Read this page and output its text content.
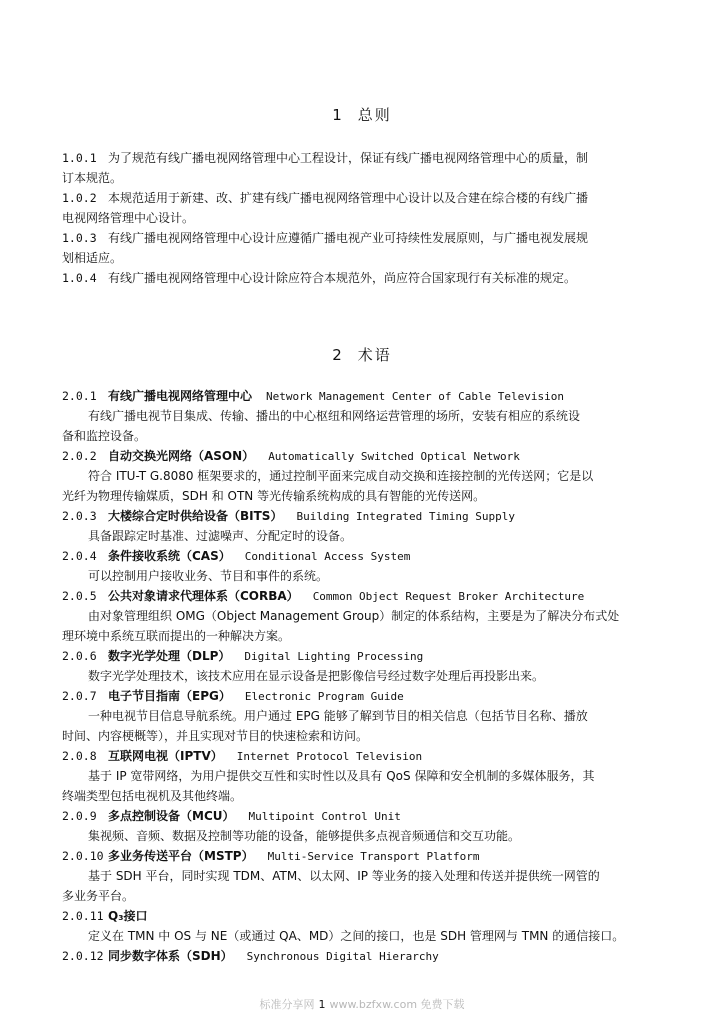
1 总则
1.0.1 为了规范有线广播电视网络管理中心工程设计，保证有线广播电视网络管理中心的质量，制
订本规范。
1.0.2 本规范适用于新建、改、扩建有线广播电视网络管理中心设计以及合建在综合楼的有线广播
电视网络管理中心设计。
1.0.3 有线广播电视网络管理中心设计应遵循广播电视产业可持续性发展原则，与广播电视发展规
划相适应。
1.0.4 有线广播电视网络管理中心设计除应符合本规范外，尚应符合国家现行有关标准的规定。
2 术语
2.0.1 有线广播电视网络管理中心 Network Management Center of Cable Television
有线广播电视节目集成、传输、播出的中心枢纽和网络运营管理的场所，安装有相应的系统设
备和监控设备。
2.0.2 自动交换光网络（ASON） Automatically Switched Optical Network
符合 ITU-T G.8080 框架要求的，通过控制平面来完成自动交换和连接控制的光传送网；它是以
光纤为物理传输媒质，SDH 和 OTN 等光传输系统构成的具有智能的光传送网。
2.0.3 大楼综合定时供给设备（BITS） Building Integrated Timing Supply
具备跟踪定时基准、过滤噪声、分配定时的设备。
2.0.4 条件接收系统（CAS） Conditional Access System
可以控制用户接收业务、节目和事件的系统。
2.0.5 公共对象请求代理体系（CORBA） Common Object Request Broker Architecture
由对象管理组织 OMG（Object Management Group）制定的体系结构，主要是为了解决分布式处
理环境中系统互联而提出的一种解决方案。
2.0.6 数字光学处理（DLP） Digital Lighting Processing
数字光学处理技术，该技术应用在显示设备是把影像信号经过数字处理后再投影出来。
2.0.7 电子节目指南（EPG） Electronic Program Guide
一种电视节目信息导航系统。用户通过 EPG 能够了解到节目的相关信息（包括节目名称、播放
时间、内容梗概等），并且实现对节目的快速检索和访问。
2.0.8 互联网电视（IPTV） Internet Protocol Television
基于 IP 宽带网络，为用户提供交互性和实时性以及具有 QoS 保障和安全机制的多媒体服务，其
终端类型包括电视机及其他终端。
2.0.9 多点控制设备（MCU） Multipoint Control Unit
集视频、音频、数据及控制等功能的设备，能够提供多点视音频通信和交互功能。
2.0.10 多业务传送平台（MSTP） Multi-Service Transport Platform
基于 SDH 平台，同时实现 TDM、ATM、以太网、IP 等业务的接入处理和传送并提供统一网管的
多业务平台。
2.0.11 Q₃接口
定义在 TMN 中 OS 与 NE（或通过 QA、MD）之间的接口，也是 SDH 管理网与 TMN 的通信接口。
2.0.12 同步数字体系（SDH） Synchronous Digital Hierarchy
标准分享网 1 www.bzfxw.com 免费下载
